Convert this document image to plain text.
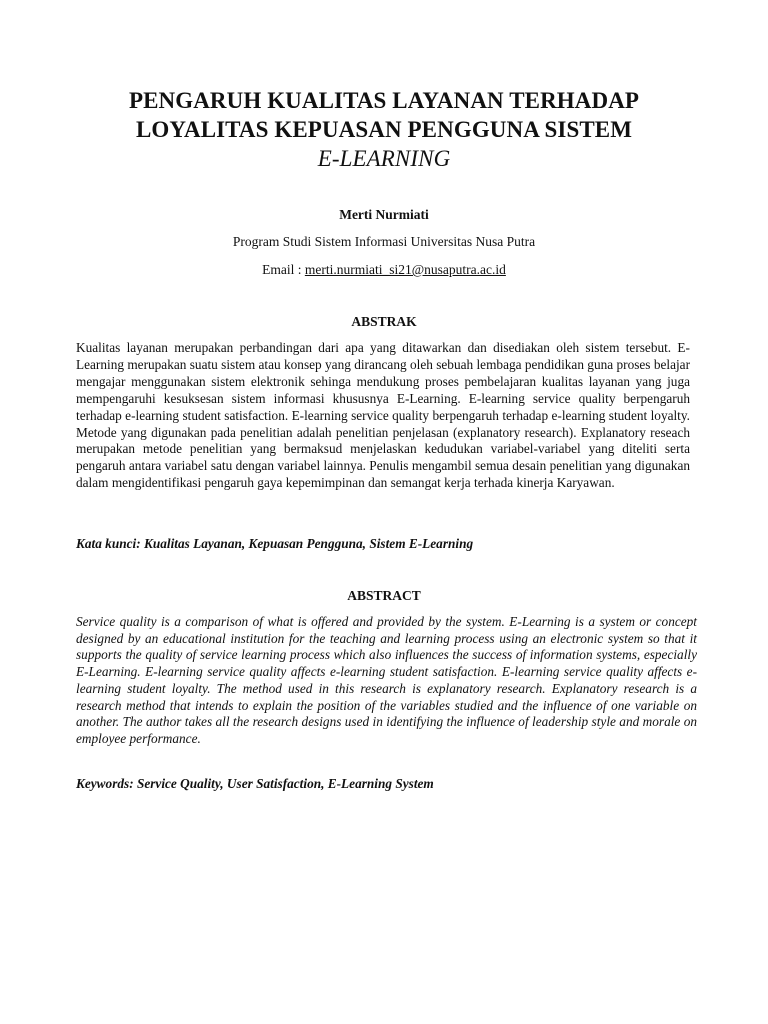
PENGARUH KUALITAS LAYANAN TERHADAP
LOYALITAS KEPUASAN PENGGUNA SISTEM
E-LEARNING
Merti Nurmiati
Program Studi Sistem Informasi Universitas Nusa Putra
Email : merti.nurmiati_si21@nusaputra.ac.id
ABSTRAK

Kualitas layanan merupakan perbandingan dari apa yang ditawarkan dan disediakan oleh sistem tersebut. E-Learning merupakan suatu sistem atau konsep yang dirancang oleh sebuah lembaga pendidikan guna proses belajar mengajar menggunakan sistem elektronik sehinga mendukung proses pembelajaran kualitas layanan yang juga mempengaruhi kesuksesan sistem informasi khususnya E-Learning. E-learning service quality berpengaruh terhadap e-learning student satisfaction. E-learning service quality berpengaruh terhadap e-learning student loyalty. Metode yang digunakan pada penelitian adalah penelitian penjelasan (explanatory research). Explanatory reseach merupakan metode penelitian yang bermaksud menjelaskan kedudukan variabel-variabel yang diteliti serta pengaruh antara variabel satu dengan variabel lainnya. Penulis mengambil semua desain penelitian yang digunakan dalam mengidentifikasi pengaruh gaya kepemimpinan dan semangat kerja terhada kinerja Karyawan.

Kata kunci: Kualitas Layanan, Kepuasan Pengguna, Sistem E-Learning

ABSTRACT

Service quality is a comparison of what is offered and provided by the system. E-Learning is a system or concept designed by an educational institution for the teaching and learning process using an electronic system so that it supports the quality of service learning process which also influences the success of information systems, especially E-Learning. E-learning service quality affects e-learning student satisfaction. E-learning service quality affects e-learning student loyalty. The method used in this research is explanatory research. Explanatory research is a research method that intends to explain the position of the variables studied and the influence of one variable on another. The author takes all the research designs used in identifying the influence of leadership style and morale on employee performance.

Keywords: Service Quality, User Satisfaction, E-Learning System
